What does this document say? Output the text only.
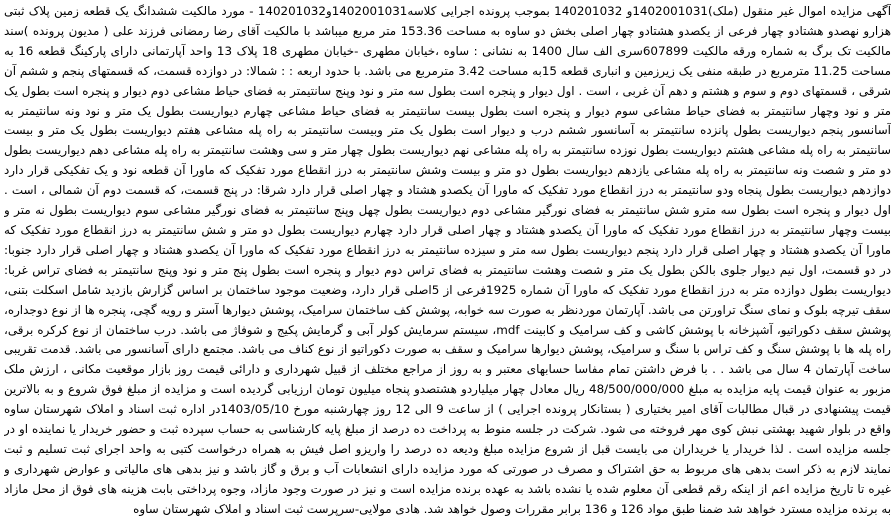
آگهی مزایده اموال غیر منقول (ملک)1402001031و 140201032 بموجب پرونده اجرایی کلاسه1402001031و140201032 - مورد مالکیت ششدانگ یک قطعه زمین پلاک ثبتی هزارو نهصدو هشتادو چهار فرعی از یکصدو هشتادو چهار اصلی بخش دو ساوه به مساحت 153.36 متر مربع میباشد با مالکیت آقای رضا رمضانی فرزند علی ( مدیون پرونده )سند مالکیت تک برگ به شماره ورقه مالکیت 607899سری الف سال 1400 به نشانی : ساوه ،خیابان مطهری -خیابان مطهری 18 پلاک 13 واحد آپارتمانی دارای پارکینگ قطعه 16 به مساحت 11.25 مترمربع در طبقه منفی یک زیرزمین و انباری قطعه 15به مساحت 3.42 مترمربع می باشد. با حدود اربعه : : شمالا: در دوازده قسمت، که قسمتهای پنجم و ششم آن شرقی ، قسمتهای دوم و سوم و هشتم و دهم آن غربی ، است . اول دیوار و پنجره است بطول سه متر و نود وپنج سانتیمتر به فضای حیاط مشاعی دوم دیوار و پنجره است بطول یک متر و نود وچهار سانتیمتر به فضای حیاط مشاعی سوم دیوار و پنجره است بطول بیست سانتیمتر به فضای حیاط مشاعی چهارم دیواریست بطول یک متر و نود ونه سانتیمتر به آسانسور پنجم دیواریست بطول پانزده سانتیمتر به آسانسور ششم درب و دیوار است بطول یک متر وبیست سانتیمتر به راه پله مشاعی هفتم دیواریست بطول یک متر و بیست سانتیمتر به راه پله مشاعی هشتم دیواریست بطول نوزده سانتیمتر به راه پله مشاعی نهم دیواریست بطول چهار متر و سی وهشت سانتیمتر به راه پله مشاعی دهم دیواریست بطول دو متر و شصت ونه سانتیمتر به راه پله مشاعی یازدهم دیواریست بطول دو متر و بیست وشش سانتیمتر به درز انقطاع مورد تفکیک که ماورا آن قطعه نود و یک تفکیکی قرار دارد دوازدهم دیواریست بطول پنجاه ودو سانتیمتر به درز انقطاع مورد تفکیک که ماورا آن یکصدو هشتاد و چهار اصلی قرار دارد شرقا: در پنج قسمت، که قسمت دوم آن شمالی ، است . اول دیوار و پنجره است بطول سه مترو شش سانتیمتر به فضای نورگیر مشاعی دوم دیواریست بطول چهل وپنج سانتیمتر به فضای نورگیر مشاعی سوم دیواریست بطول نه متر و بیست وچهار سانتیمتر به درز انقطاع مورد تفکیک که ماورا آن یکصدو هشتاد و چهار اصلی قرار دارد چهارم دیواریست بطول دو متر و شش سانتیمتر به درز انقطاع مورد تفکیک که ماورا آن یکصدو هشتاد و چهار اصلی قرار دارد پنجم دیواریست بطول سه متر و سیزده سانتیمتر به درز انقطاع مورد تفکیک که ماورا آن یکصدو هشتاد و چهار اصلی قرار دارد جنوبا: در دو قسمت، اول نیم دیوار جلوی بالکن بطول یک متر و شصت وهشت سانتیمتر به فضای تراس دوم دیوار و پنجره است بطول پنج متر و نود وپنج سانتیمتر به فضای تراس غربا: دیواریست بطول دوازده متر به درز انقطاع مورد تفکیک که ماورا آن شماره 1925فرعی از 5اصلی قرار دارد، وضعیت موجود ساختمان بر اساس گزارش بازدید شامل اسکلت بتنی، سقف تیرچه بلوک و نمای سنگ تراورتن می باشد. آپارتمان موردنظر به صورت سه خوابه، پوشش کف ساختمان سرامیک، پوشش دیوارها آستر و رویه گچی، پنجره ها از نوع دوجداره، پوشش سقف دکوراتیو، آشپزخانه با پوشش کاشی و کف سرامیک و کابینت mdf، سیستم سرمایش کولر آبی و گرمایش پکیج و شوفاژ می باشد. درب ساختمان از نوع کرکره برقی، راه پله ها با پوشش سنگ و کف تراس با سنگ و سرامیک، پوشش دیوارها سرامیک و سقف به صورت دکوراتیو از نوع کناف می باشد. مجتمع دارای آسانسور می باشد. قدمت تقریبی ساخت آپارتمان 4 سال می باشد . . با فرض داشتن تمام مفاسا حسابهای معتبر و به روز از مراجع مختلف از قبیل شهرداری و دارائی قیمت روز بازار موقعیت مکانی ، ارزش ملک مزبور به عنوان قیمت پایه مزایده به مبلغ 48/500/000/000 ریال معادل چهار میلیاردو هشتصدو پنجاه میلیون تومان ارزیابی گردیده است و مزایده از مبلغ فوق شروع و به بالاترین قیمت پیشنهادی در قبال مطالبات آقای امیر بختیاری ( بستانکار پرونده اجرایی ) از ساعت 9 الی 12 روز چهارشنبه مورخ 1403/05/10در اداره ثبت اسناد و املاک شهرستان ساوه واقع در بلوار شهید بهشتی نبش کوی مهر فروخته می شود. شرکت در جلسه منوط به پرداخت ده درصد از مبلغ پایه کارشناسی به حساب سپرده ثبت و حضور خریدار یا نماینده او در جلسه مزایده است . لذا خریدار یا خریداران می بایست قبل از شروع مزایده مبلغ ودیعه ده درصد را واریزو اصل فیش به همراه درخواست کتبی به واحد اجرای ثبت تسلیم و ثبت نمایند لازم به ذکر است بدهی های مربوط به حق اشتراک و مصرف در صورتی که مورد مزایده دارای انشعابات آب و برق و گاز باشد و نیز بدهی های مالیاتی و عوارض شهرداری و غیره تا تاریخ مزایده اعم از اینکه رقم قطعی آن معلوم شده یا نشده باشد به عهده برنده مزایده است و نیز در صورت وجود مازاد، وجوه پرداختی بابت هزینه های فوق از محل مازاد به برنده مزایده مسترد خواهد شد ضمنا طبق مواد 126 و 136 برابر مقررات وصول خواهد شد. هادی مولایی-سرپرست ثبت اسناد و املاک شهرستان ساوه
